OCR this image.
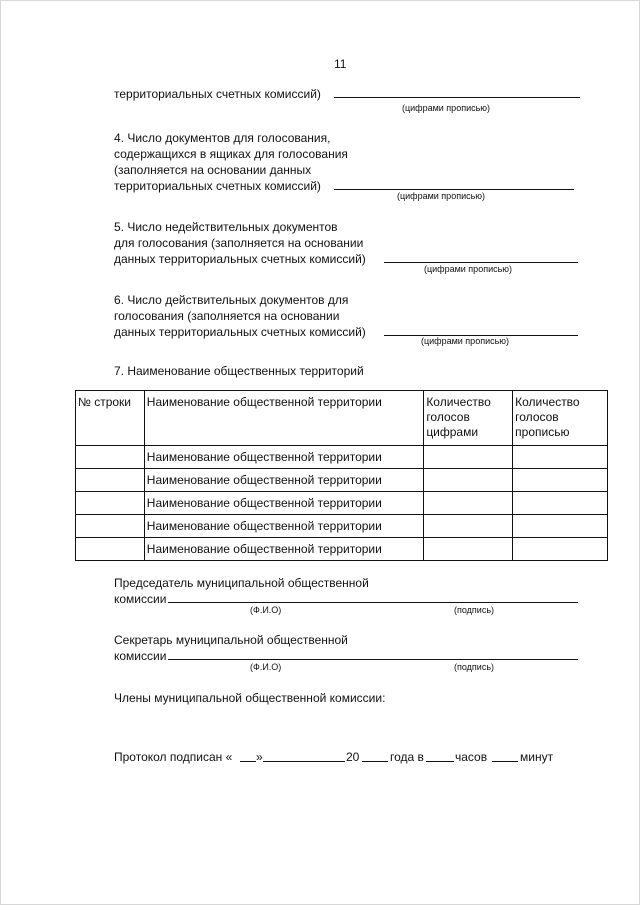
11
территориальных счетных комиссий)
(цифрами прописью)
4. Число документов для голосования,
содержащихся в ящиках для голосования
(заполняется на основании данных
территориальных счетных комиссий)
(цифрами прописью)
5. Число недействительных документов
для голосования (заполняется на основании
данных территориальных счетных комиссий)
(цифрами прописью)
6. Число действительных документов для
голосования (заполняется на основании
данных территориальных счетных комиссий)
(цифрами прописью)
7. Наименование общественных территорий
№ строки	Наименование общественной территории	Количество голосов цифрами	Количество голосов прописью
	Наименование общественной территории		
	Наименование общественной территории		
	Наименование общественной территории		
	Наименование общественной территории		
	Наименование общественной территории		
Председатель муниципальной общественной
комиссии
(Ф.И.О)	(подпись)
Секретарь муниципальной общественной
комиссии
(Ф.И.О)	(подпись)
Члены муниципальной общественной комиссии:
Протокол подписан « »	20	года в	часов	минут
